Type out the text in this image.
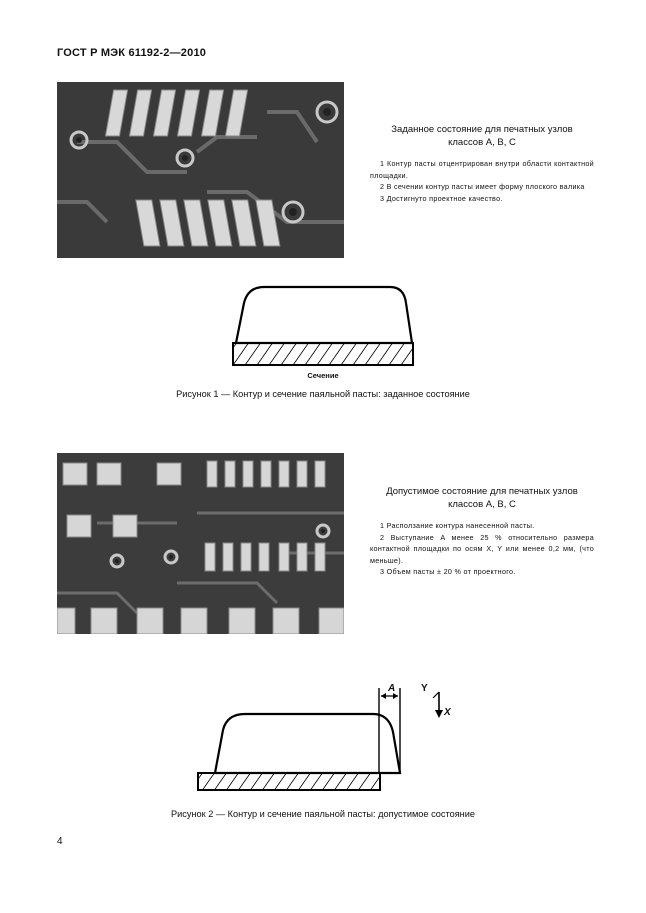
ГОСТ Р МЭК 61192-2—2010
Заданное состояние для печатных узлов
классов А, В, С

1 Контур пасты отцентрирован внутри области контактной площадки.

2 В сечении контур пасты имеет форму плоского валика

3 Достигнуто проектное качество.

Сечение
Рисунок 1 — Контур и сечение паяльной пасты: заданное состояние
Допустимое состояние для печатных узлов
классов А, В, С

1 Расползание контура нанесенной пасты.

2 Выступание A менее 25 % относительно размера контактной площадки по осям X, Y или менее 0,2 мм, (что меньше).

3 Объем пасты ± 20 % от проектного.

A	Y
X
Рисунок 2 — Контур и сечение паяльной пасты: допустимое состояние
4
